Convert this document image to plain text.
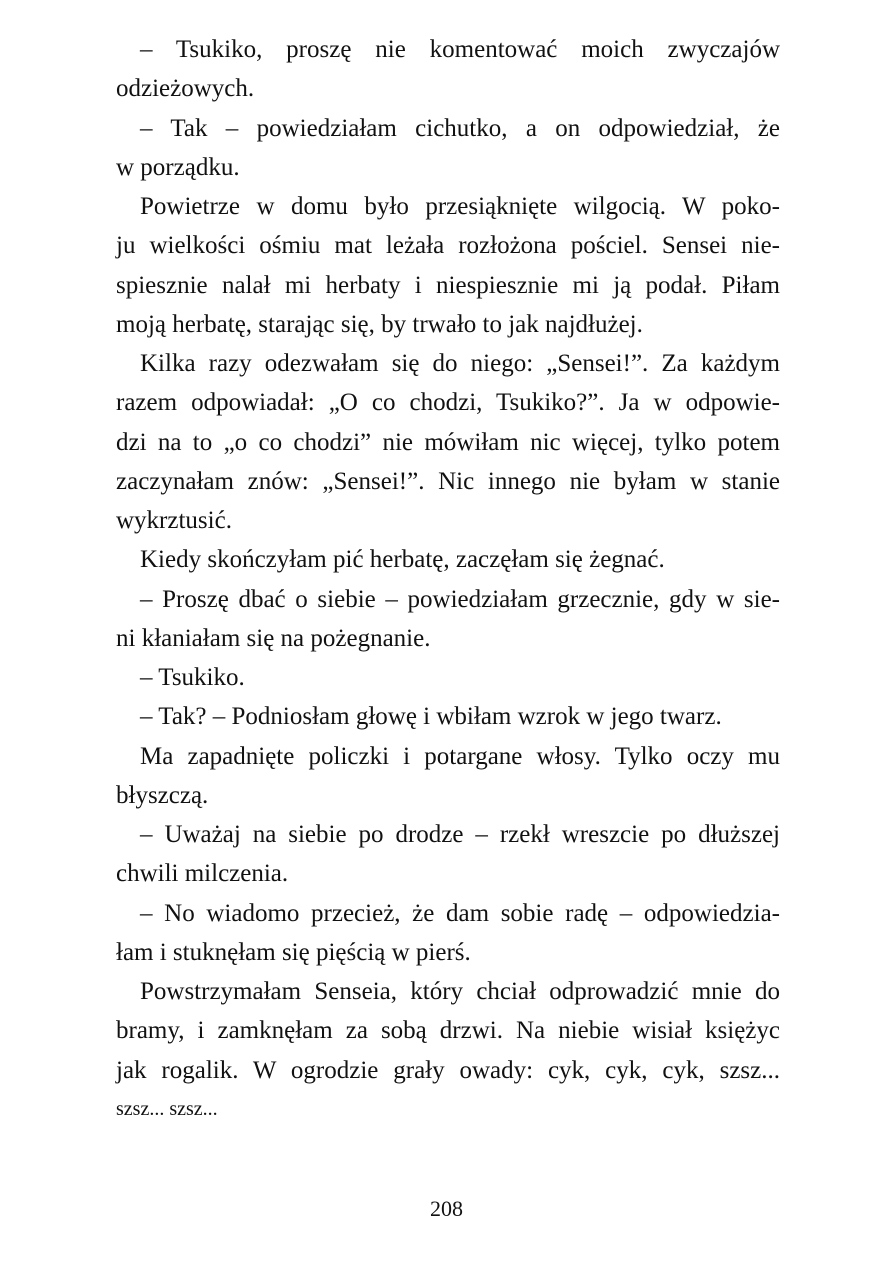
– Tsukiko, proszę nie komentować moich zwyczajów
odzieżowych.
– Tak – powiedziałam cichutko, a on odpowiedział, że
w porządku.
Powietrze w domu było przesiąknięte wilgocią. W poko-
ju wielkości ośmiu mat leżała rozłożona pościel. Sensei nie-
spiesznie nalał mi herbaty i niespiesznie mi ją podał. Piłam
moją herbatę, starając się, by trwało to jak najdłużej.
Kilka razy odezwałam się do niego: „Sensei!”. Za każdym
razem odpowiadał: „O co chodzi, Tsukiko?”. Ja w odpowie-
dzi na to „o co chodzi” nie mówiłam nic więcej, tylko potem
zaczynałam znów: „Sensei!”. Nic innego nie byłam w stanie
wykrztusić.
Kiedy skończyłam pić herbatę, zaczęłam się żegnać.
– Proszę dbać o siebie – powiedziałam grzecznie, gdy w sie-
ni kłaniałam się na pożegnanie.
– Tsukiko.
– Tak? – Podniosłam głowę i wbiłam wzrok w jego twarz.
Ma zapadnięte policzki i potargane włosy. Tylko oczy mu
błyszczą.
– Uważaj na siebie po drodze – rzekł wreszcie po dłuższej
chwili milczenia.
– No wiadomo przecież, że dam sobie radę – odpowiedzia-
łam i stuknęłam się pięścią w pierś.
Powstrzymałam Senseia, który chciał odprowadzić mnie do
bramy, i zamknęłam za sobą drzwi. Na niebie wisiał księżyc
jak rogalik. W ogrodzie grały owady: cyk, cyk, cyk, szsz...
szsz... szsz...
208
